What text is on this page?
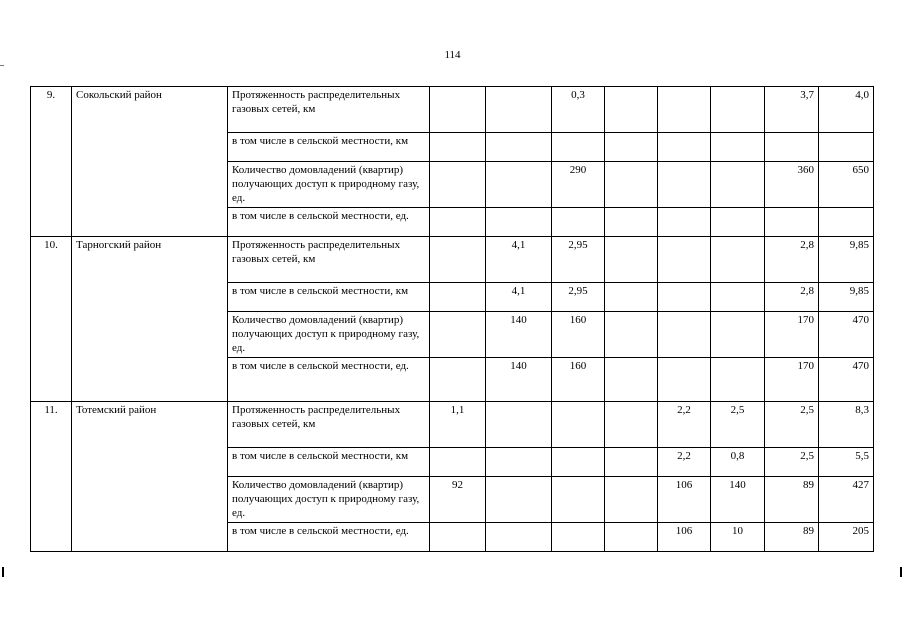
114
9.	Сокольский район	Протяженность распределительных газовых сетей, км			0,3				3,7	4,0
		в том числе в сельской местности, км								
		Количество домовладений (квартир) получающих доступ к природному газу, ед.			290				360	650
		в том числе в сельской местности, ед.								
10.	Тарногский район	Протяженность распределительных газовых сетей, км		4,1	2,95				2,8	9,85
		в том числе в сельской местности, км		4,1	2,95				2,8	9,85
		Количество домовладений (квартир) получающих доступ к природному газу, ед.		140	160				170	470
		в том числе в сельской местности, ед.		140	160				170	470
11.	Тотемский район	Протяженность распределительных газовых сетей, км	1,1				2,2	2,5	2,5	8,3
		в том числе в сельской местности, км					2,2	0,8	2,5	5,5
		Количество домовладений (квартир) получающих доступ к природному газу, ед.	92				106	140	89	427
		в том числе в сельской местности, ед.					106	10	89	205
